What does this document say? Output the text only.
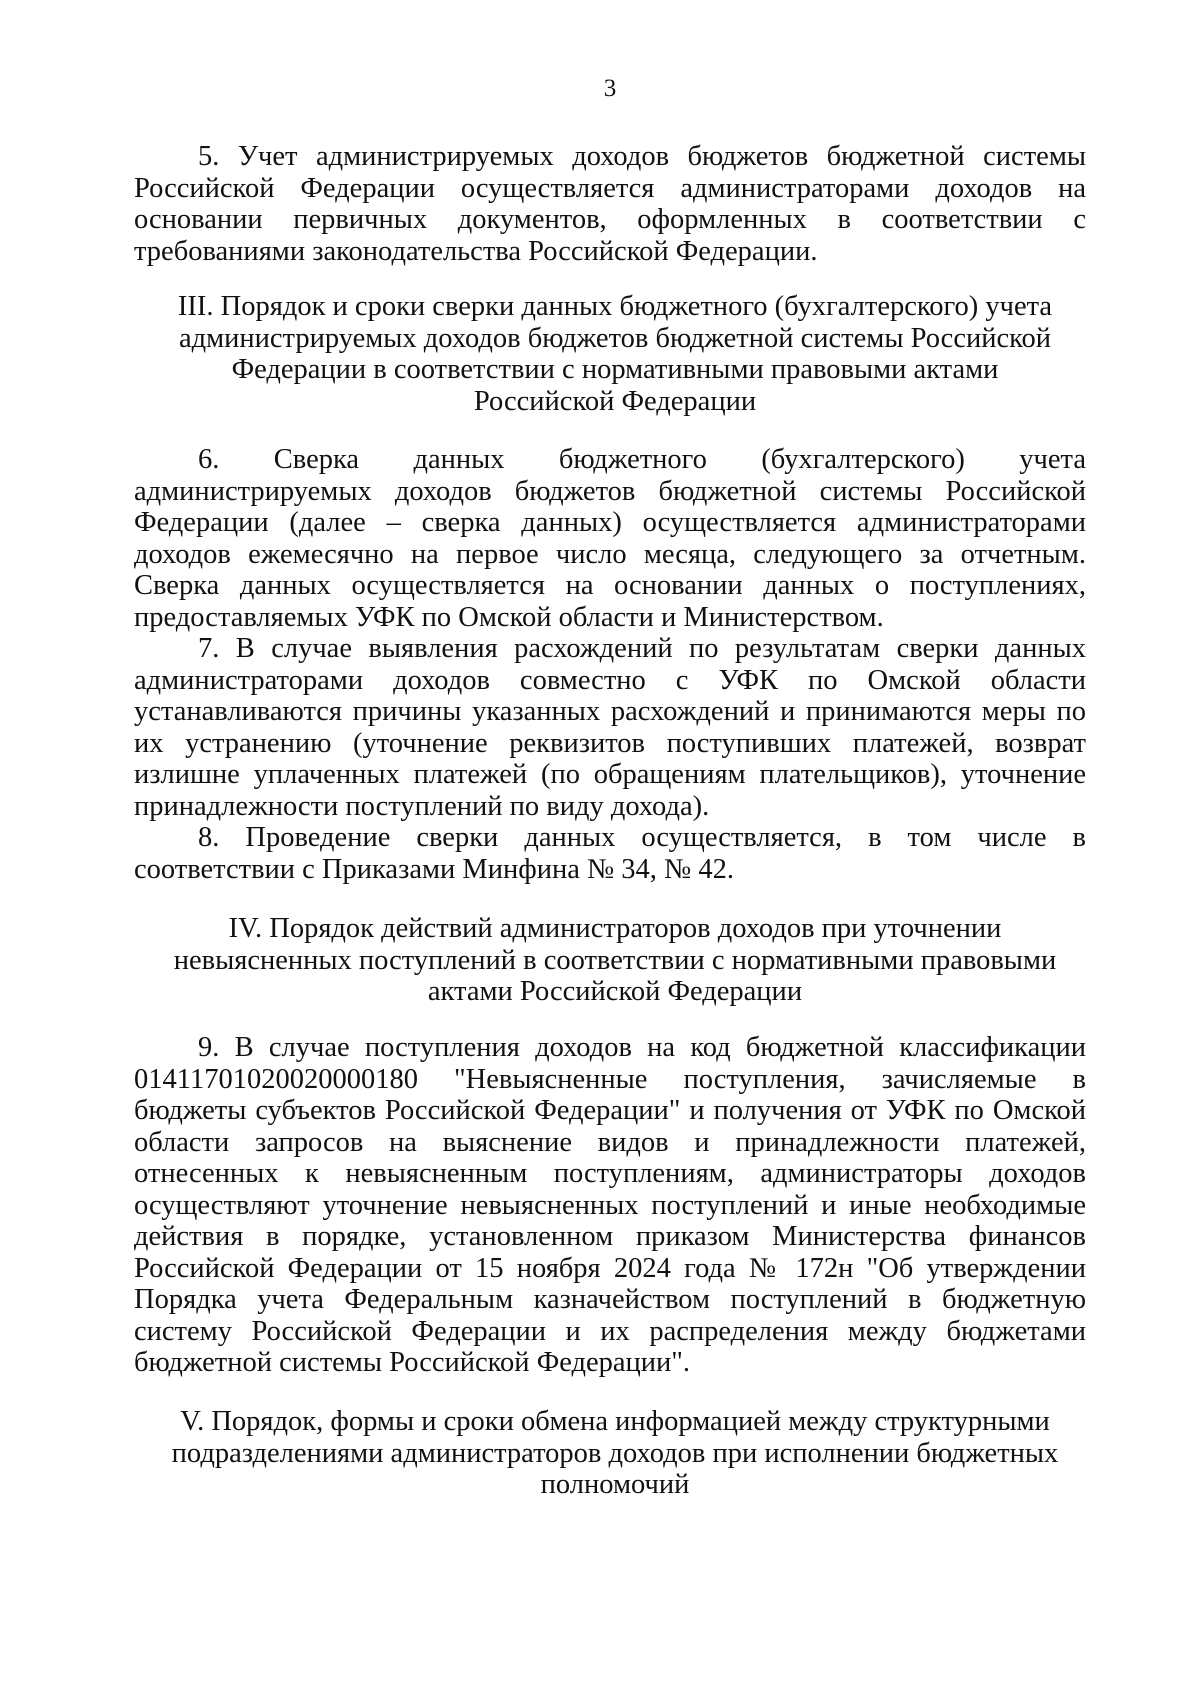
3

5. Учет администрируемых доходов бюджетов бюджетной системы Российской Федерации осуществляется администраторами доходов на основании первичных документов, оформленных в соответствии с требованиями законодательства Российской Федерации.

III. Порядок и сроки сверки данных бюджетного (бухгалтерского) учета
администрируемых доходов бюджетов бюджетной системы Российской
Федерации в соответствии с нормативными правовыми актами
Российской Федерации

6. Сверка данных бюджетного (бухгалтерского) учета администрируемых доходов бюджетов бюджетной системы Российской Федерации (далее – сверка данных) осуществляется администраторами доходов ежемесячно на первое число месяца, следующего за отчетным. Сверка данных осуществляется на основании данных о поступлениях, предоставляемых УФК по Омской области и Министерством.

7. В случае выявления расхождений по результатам сверки данных администраторами доходов совместно с УФК по Омской области устанавливаются причины указанных расхождений и принимаются меры по их устранению (уточнение реквизитов поступивших платежей, возврат излишне уплаченных платежей (по обращениям плательщиков), уточнение принадлежности поступлений по виду дохода).

8. Проведение сверки данных осуществляется, в том числе в соответствии с Приказами Минфина № 34, № 42.

IV. Порядок действий администраторов доходов при уточнении
невыясненных поступлений в соответствии с нормативными правовыми
актами Российской Федерации

9. В случае поступления доходов на код бюджетной классификации 01411701020020000180 "Невыясненные поступления, зачисляемые в бюджеты субъектов Российской Федерации" и получения от УФК по Омской области запросов на выяснение видов и принадлежности платежей, отнесенных к невыясненным поступлениям, администраторы доходов осуществляют уточнение невыясненных поступлений и иные необходимые действия в порядке, установленном приказом Министерства финансов Российской Федерации от 15 ноября 2024 года № 172н "Об утверждении Порядка учета Федеральным казначейством поступлений в бюджетную систему Российской Федерации и их распределения между бюджетами бюджетной системы Российской Федерации".

V. Порядок, формы и сроки обмена информацией между структурными
подразделениями администраторов доходов при исполнении бюджетных
полномочий
